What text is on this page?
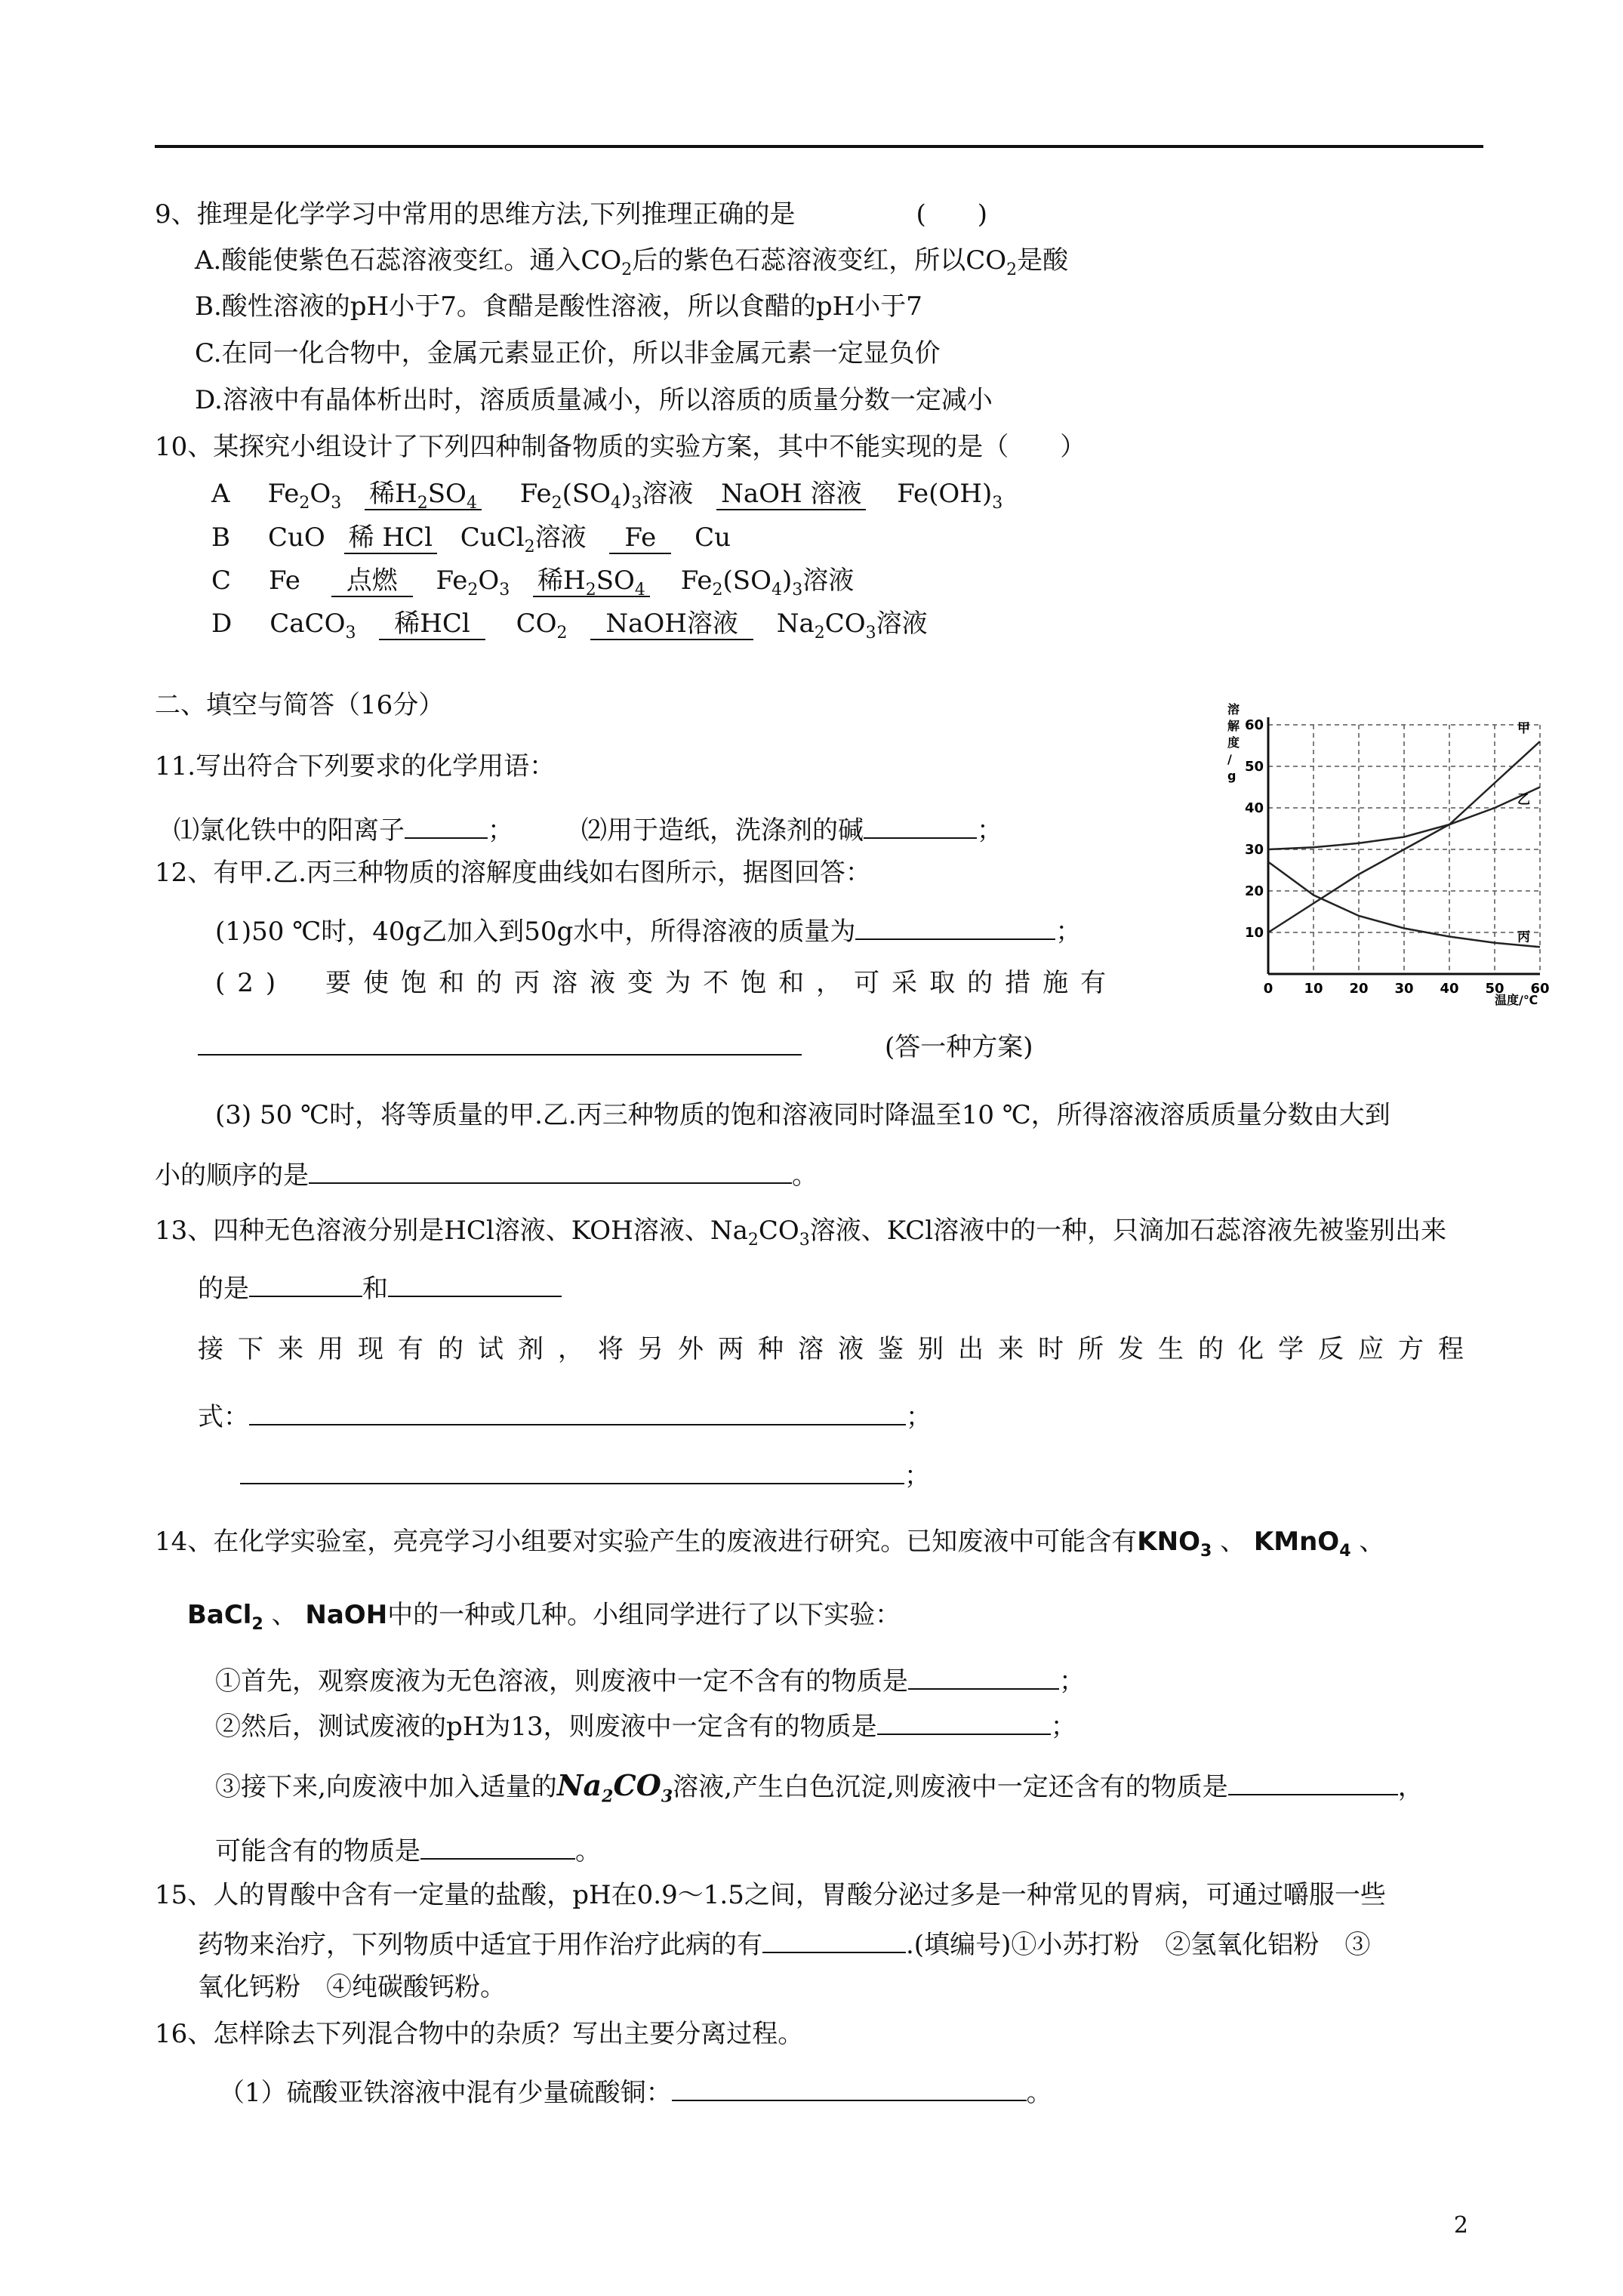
9、推理是化学学习中常用的思维方法,下列推理正确的是	(　　)
A.酸能使紫色石蕊溶液变红。通入$CO_2$后的紫色石蕊溶液变红，所以$CO_2$是酸
B.酸性溶液的pH小于7。食醋是酸性溶液，所以食醋的pH小于7
C.在同一化合物中，金属元素显正价，所以非金属元素一定显负价
D.溶液中有晶体析出时，溶质质量减小，所以溶质的质量分数一定减小
10、某探究小组设计了下列四种制备物质的实验方案，其中不能实现的是（　　）
A $Fe_2O_3$ 稀$H_2SO_4$ $Fe_2(SO_4)_3$溶液 NaOH 溶液 $Fe(OH)_3$
B CuO 稀 HCl CuCl$_2$溶液 Fe Cu
C Fe 点燃 $Fe_2O_3$ 稀$H_2SO_4$ $Fe_2(SO_4)_3$溶液
D CaCO$_3$ 稀HCl $CO_2$ NaOH溶液 $Na_2CO_3$溶液
二、填空与简答（16分）
11.写出符合下列要求的化学用语：
⑴氯化铁中的阳离子	；	⑵用于造纸，洗涤剂的碱	；
12、有甲.乙.丙三种物质的溶解度曲线如右图所示，据图回答：
(1)50 ℃时，40g乙加入到50g水中，所得溶液的质量为	；
(2)　要使饱和的丙溶液变为不饱和，可采取的措施有
(答一种方案)
(3) 50 ℃时，将等质量的甲.乙.丙三种物质的饱和溶液同时降温至10 ℃，所得溶液溶质质量分数由大到
小的顺序的是	。
甲
乙
丙
0 10 20 30 40 50 60
10
20
30
40
50
60
溶解度/ g
温度/℃
13、四种无色溶液分别是HCl溶液、KOH溶液、$Na_2CO_3$溶液、KCl溶液中的一种，只滴加石蕊溶液先被鉴别出来
的是	和
接下来用现有的试剂，将另外两种溶液鉴别出来时所发生的化学反应方程
式：	；
；
14、在化学实验室，亮亮学习小组要对实验产生的废液进行研究。已知废液中可能含有$KNO_3$ 、 KMnO$_4$ 、
BaCl$_2$ 、 NaOH中的一种或几种。小组同学进行了以下实验：
①首先，观察废液为无色溶液，则废液中一定不含有的物质是	；
②然后，测试废液的pH为13，则废液中一定含有的物质是	；
③接下来,向废液中加入适量的$Na_2CO_3$溶液,产生白色沉淀,则废液中一定还含有的物质是	，
可能含有的物质是	。
15、人的胃酸中含有一定量的盐酸，pH在0.9～1.5之间，胃酸分泌过多是一种常见的胃病，可通过嚼服一些
药物来治疗，下列物质中适宜于用作治疗此病的有	.(填编号)①小苏打粉　②氢氧化铝粉　③
氧化钙粉　④纯碳酸钙粉。
16、怎样除去下列混合物中的杂质？写出主要分离过程。
（1）硫酸亚铁溶液中混有少量硫酸铜：	。
2
